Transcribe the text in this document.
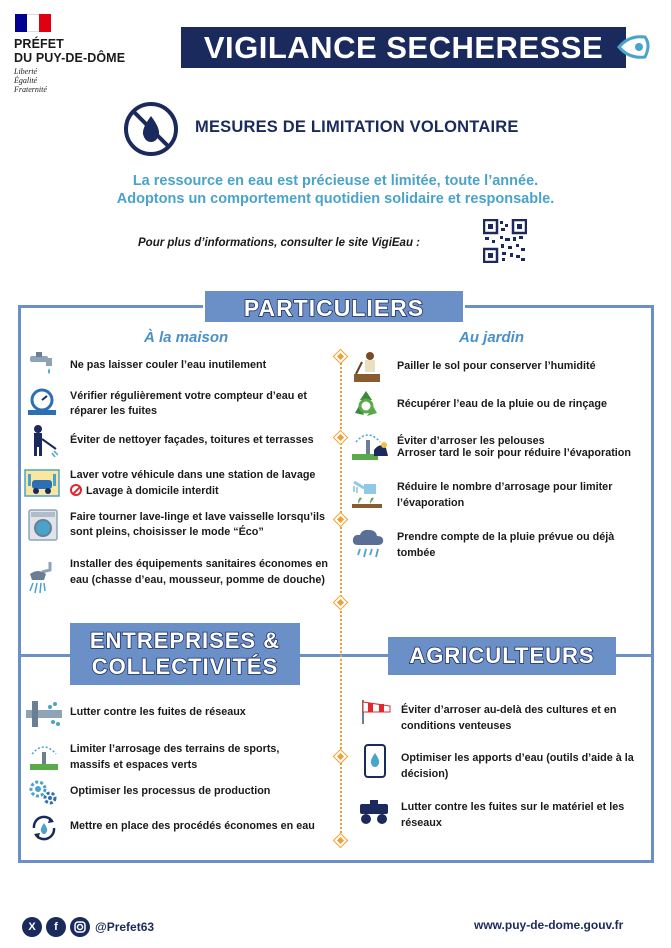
PRÉFET
DU PUY-DE-DÔME
Liberté
Égalité
Fraternité
VIGILANCE SECHERESSE
MESURES DE LIMITATION VOLONTAIRE
La ressource en eau est précieuse et limitée, toute l’année.
Adoptons un comportement quotidien solidaire et responsable.
Pour plus d’informations, consulter le site VigiEau :
PARTICULIERS
À la maison	Au jardin
Ne pas laisser couler l’eau inutilement
Vérifier régulièrement votre compteur d’eau et réparer les fuites
Éviter de nettoyer façades, toitures et terrasses
Laver votre véhicule dans une station de lavage
Lavage à domicile interdit
Faire tourner lave-linge et lave vaisselle lorsqu’ils sont pleins, choisisser le mode “Éco”
Installer des équipements sanitaires économes en eau (chasse d’eau, mousseur, pomme de douche)
Pailler le sol pour conserver l’humidité
Récupérer l’eau de la pluie ou de rinçage
Éviter d’arroser les pelouses
Arroser tard le soir pour réduire l’évaporation
Réduire le nombre d’arrosage pour limiter l’évaporation
Prendre compte de la pluie prévue ou déjà tombée
ENTREPRISES &
COLLECTIVITÉS
Lutter contre les fuites de réseaux
Limiter l’arrosage des terrains de sports, massifs et espaces verts
Optimiser les processus de production
Mettre en place des procédés économes en eau
AGRICULTEURS
Éviter d’arroser au-delà des cultures et en conditions venteuses
Optimiser les apports d’eau (outils d’aide à la décision)
Lutter contre les fuites sur le matériel et les réseaux
X	f	@Prefet63	www.puy-de-dome.gouv.fr
